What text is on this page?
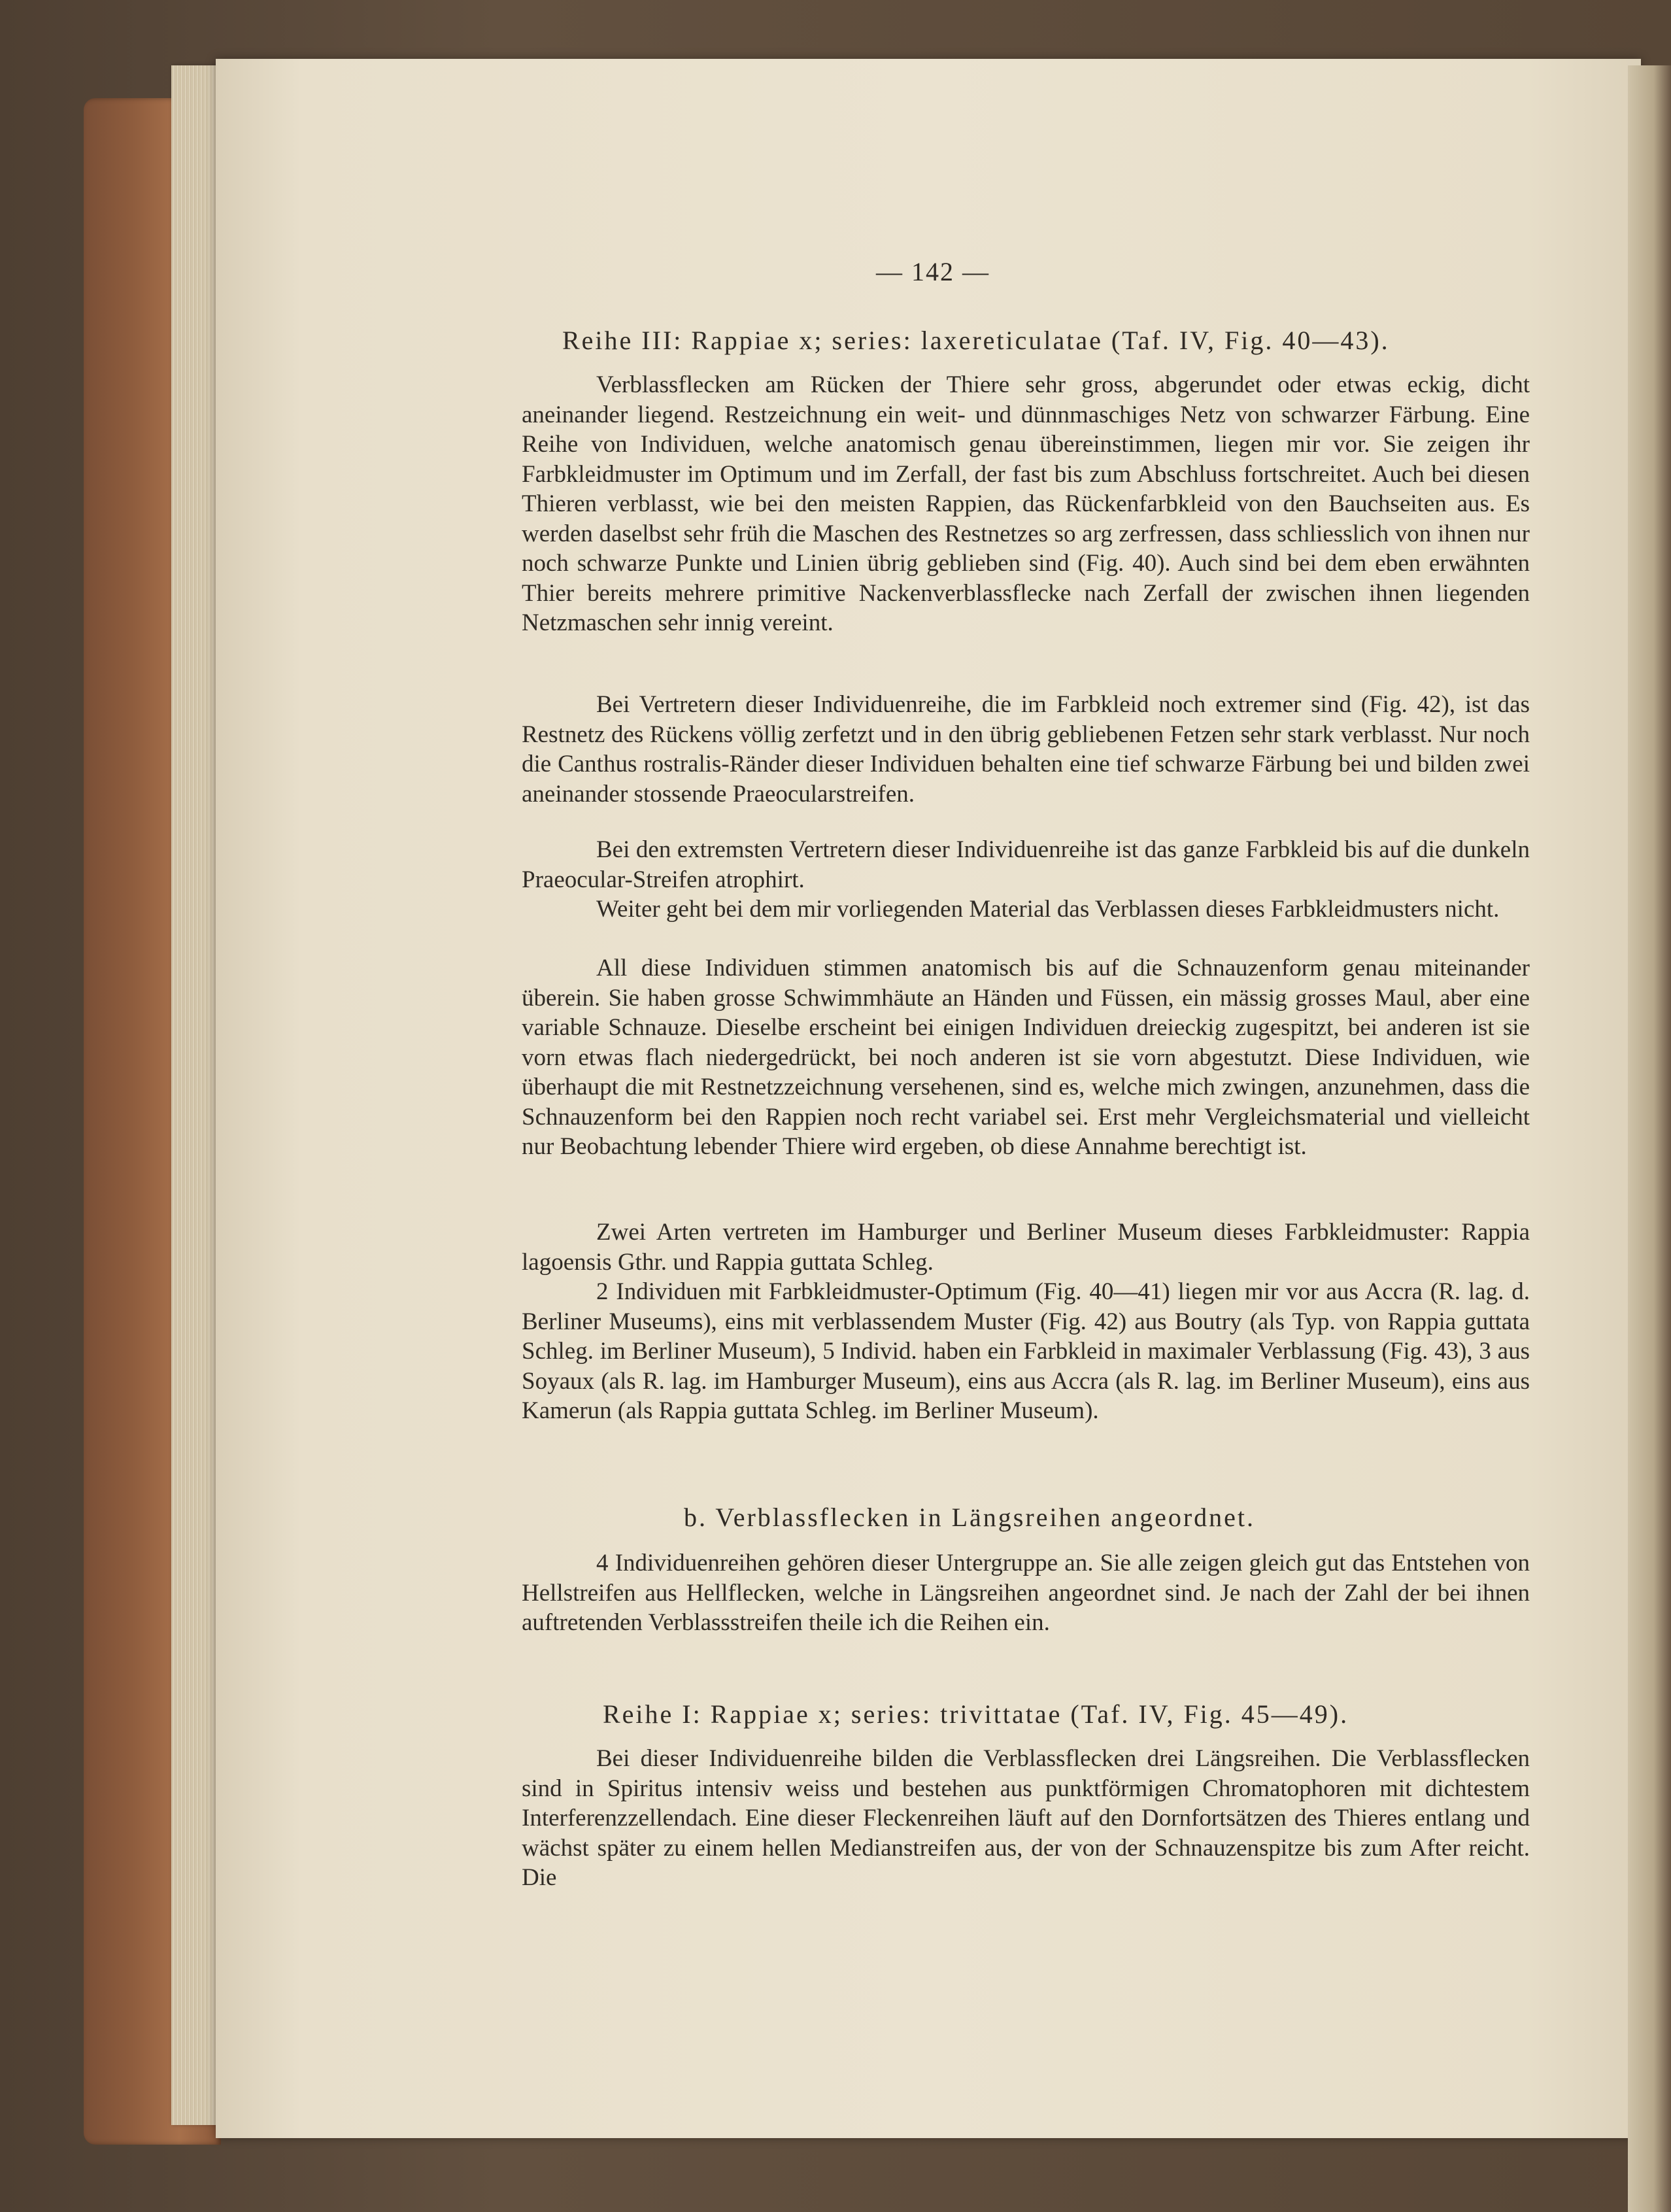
— 142 —
Reihe III: Rappiae x; series: laxereticulatae (Taf. IV, Fig. 40—43).
Verblassflecken am Rücken der Thiere sehr gross, abgerundet oder etwas eckig, dicht aneinander liegend. Restzeichnung ein weit- und dünnmaschiges Netz von schwarzer Färbung. Eine Reihe von Individuen, welche anatomisch genau übereinstimmen, liegen mir vor. Sie zeigen ihr Farbkleidmuster im Optimum und im Zerfall, der fast bis zum Abschluss fortschreitet. Auch bei diesen Thieren verblasst, wie bei den meisten Rappien, das Rückenfarbkleid von den Bauchseiten aus. Es werden daselbst sehr früh die Maschen des Restnetzes so arg zerfressen, dass schliesslich von ihnen nur noch schwarze Punkte und Linien übrig geblieben sind (Fig. 40). Auch sind bei dem eben erwähnten Thier bereits mehrere primitive Nackenverblassflecke nach Zerfall der zwischen ihnen liegenden Netzmaschen sehr innig vereint.
Bei Vertretern dieser Individuenreihe, die im Farbkleid noch extremer sind (Fig. 42), ist das Restnetz des Rückens völlig zerfetzt und in den übrig gebliebenen Fetzen sehr stark verblasst. Nur noch die Canthus rostralis-Ränder dieser Individuen behalten eine tief schwarze Färbung bei und bilden zwei aneinander stossende Praeocularstreifen.
Bei den extremsten Vertretern dieser Individuenreihe ist das ganze Farbkleid bis auf die dunkeln Praeocular-Streifen atrophirt.
Weiter geht bei dem mir vorliegenden Material das Verblassen dieses Farbkleidmusters nicht.
All diese Individuen stimmen anatomisch bis auf die Schnauzenform genau miteinander überein. Sie haben grosse Schwimmhäute an Händen und Füssen, ein mässig grosses Maul, aber eine variable Schnauze. Dieselbe erscheint bei einigen Individuen dreieckig zugespitzt, bei anderen ist sie vorn etwas flach niedergedrückt, bei noch anderen ist sie vorn abgestutzt. Diese Individuen, wie überhaupt die mit Restnetzzeichnung versehenen, sind es, welche mich zwingen, anzunehmen, dass die Schnauzenform bei den Rappien noch recht variabel sei. Erst mehr Vergleichsmaterial und vielleicht nur Beobachtung lebender Thiere wird ergeben, ob diese Annahme berechtigt ist.
Zwei Arten vertreten im Hamburger und Berliner Museum dieses Farbkleidmuster: Rappia lagoensis Gthr. und Rappia guttata Schleg.
2 Individuen mit Farbkleidmuster-Optimum (Fig. 40—41) liegen mir vor aus Accra (R. lag. d. Berliner Museums), eins mit verblassendem Muster (Fig. 42) aus Boutry (als Typ. von Rappia guttata Schleg. im Berliner Museum), 5 Individ. haben ein Farbkleid in maximaler Verblassung (Fig. 43), 3 aus Soyaux (als R. lag. im Hamburger Museum), eins aus Accra (als R. lag. im Berliner Museum), eins aus Kamerun (als Rappia guttata Schleg. im Berliner Museum).
b. Verblassflecken in Längsreihen angeordnet.
4 Individuenreihen gehören dieser Untergruppe an. Sie alle zeigen gleich gut das Entstehen von Hellstreifen aus Hellflecken, welche in Längsreihen angeordnet sind. Je nach der Zahl der bei ihnen auftretenden Verblassstreifen theile ich die Reihen ein.
Reihe I: Rappiae x; series: trivittatae (Taf. IV, Fig. 45—49).
Bei dieser Individuenreihe bilden die Verblassflecken drei Längsreihen. Die Verblassflecken sind in Spiritus intensiv weiss und bestehen aus punktförmigen Chromatophoren mit dichtestem Interferenzzellendach. Eine dieser Fleckenreihen läuft auf den Dornfortsätzen des Thieres entlang und wächst später zu einem hellen Medianstreifen aus, der von der Schnauzenspitze bis zum After reicht. Die
